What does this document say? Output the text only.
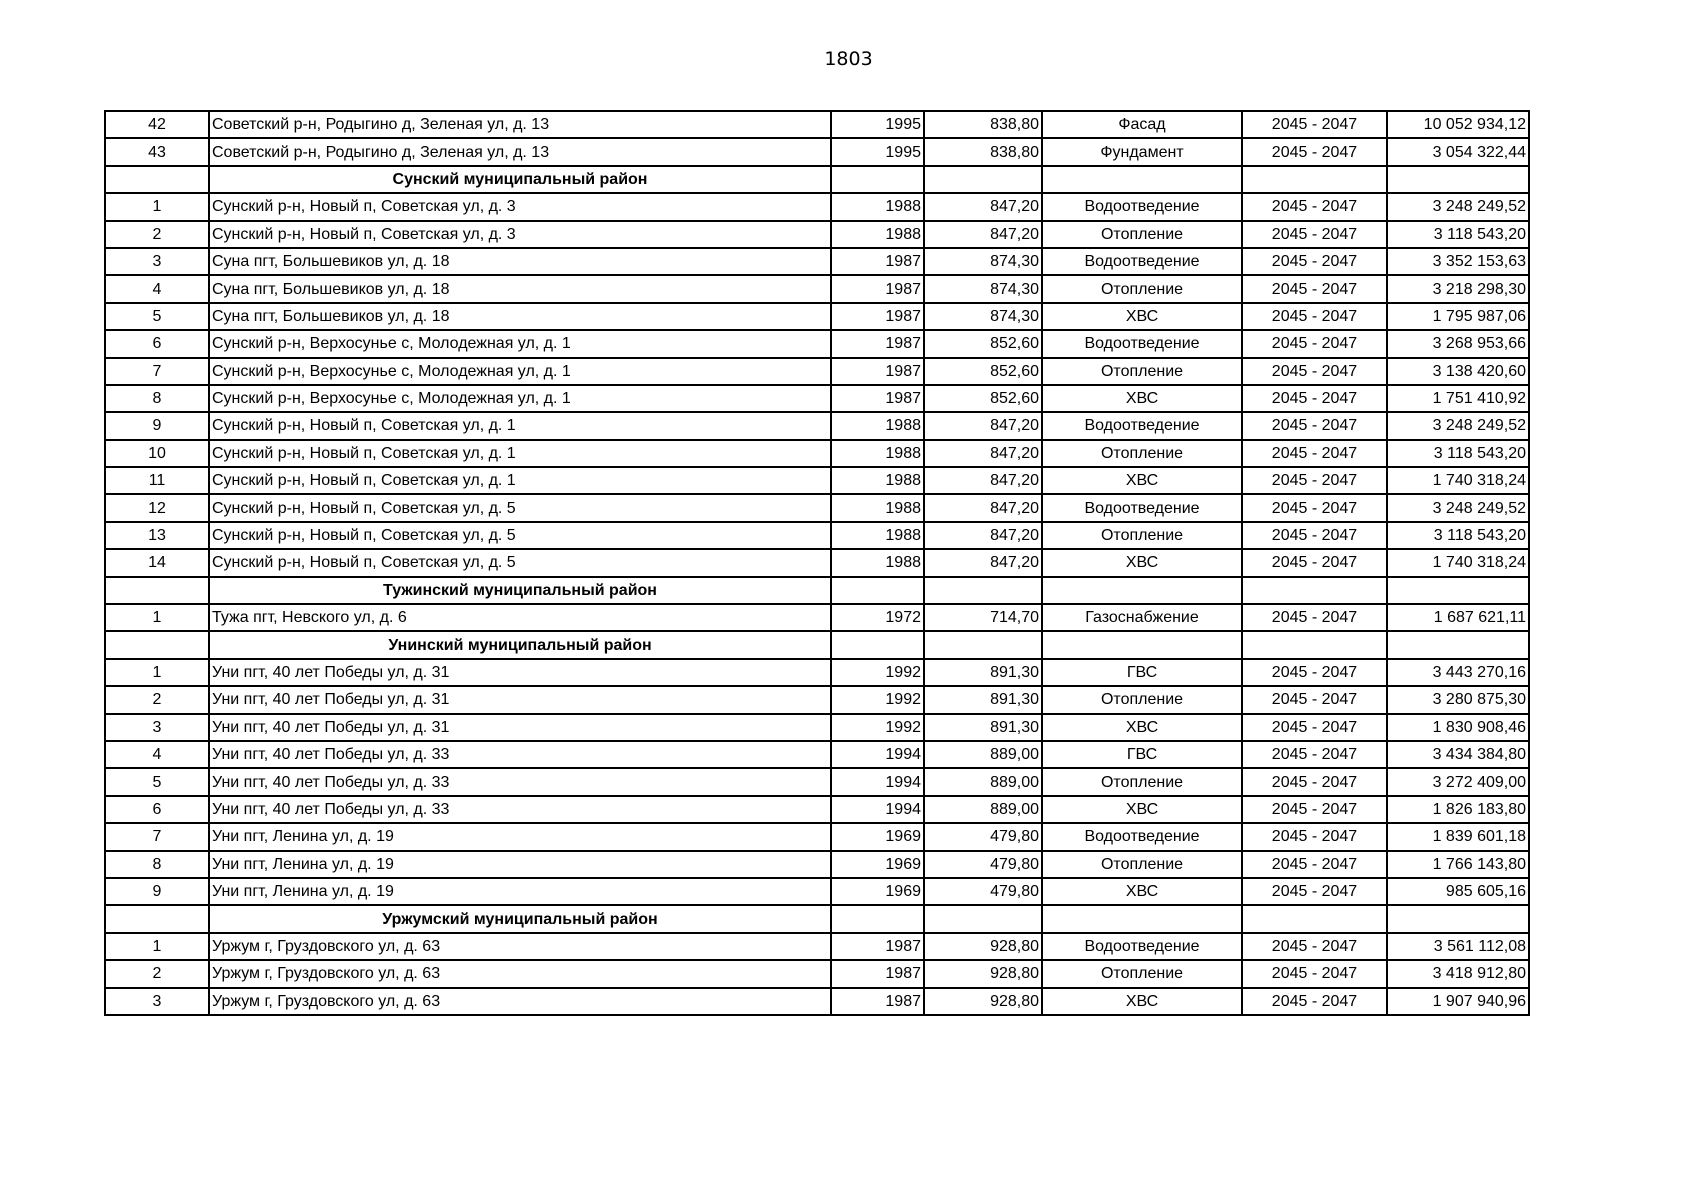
1803
42	Советский р-н, Родыгино д, Зеленая ул, д. 13	1995	838,80	Фасад	2045 - 2047	10 052 934,12
43	Советский р-н, Родыгино д, Зеленая ул, д. 13	1995	838,80	Фундамент	2045 - 2047	3 054 322,44
	Сунский муниципальный район					
1	Сунский р-н, Новый п, Советская ул, д. 3	1988	847,20	Водоотведение	2045 - 2047	3 248 249,52
2	Сунский р-н, Новый п, Советская ул, д. 3	1988	847,20	Отопление	2045 - 2047	3 118 543,20
3	Суна пгт, Большевиков ул, д. 18	1987	874,30	Водоотведение	2045 - 2047	3 352 153,63
4	Суна пгт, Большевиков ул, д. 18	1987	874,30	Отопление	2045 - 2047	3 218 298,30
5	Суна пгт, Большевиков ул, д. 18	1987	874,30	ХВС	2045 - 2047	1 795 987,06
6	Сунский р-н, Верхосунье с, Молодежная ул, д. 1	1987	852,60	Водоотведение	2045 - 2047	3 268 953,66
7	Сунский р-н, Верхосунье с, Молодежная ул, д. 1	1987	852,60	Отопление	2045 - 2047	3 138 420,60
8	Сунский р-н, Верхосунье с, Молодежная ул, д. 1	1987	852,60	ХВС	2045 - 2047	1 751 410,92
9	Сунский р-н, Новый п, Советская ул, д. 1	1988	847,20	Водоотведение	2045 - 2047	3 248 249,52
10	Сунский р-н, Новый п, Советская ул, д. 1	1988	847,20	Отопление	2045 - 2047	3 118 543,20
11	Сунский р-н, Новый п, Советская ул, д. 1	1988	847,20	ХВС	2045 - 2047	1 740 318,24
12	Сунский р-н, Новый п, Советская ул, д. 5	1988	847,20	Водоотведение	2045 - 2047	3 248 249,52
13	Сунский р-н, Новый п, Советская ул, д. 5	1988	847,20	Отопление	2045 - 2047	3 118 543,20
14	Сунский р-н, Новый п, Советская ул, д. 5	1988	847,20	ХВС	2045 - 2047	1 740 318,24
	Тужинский муниципальный район					
1	Тужа пгт, Невского ул, д. 6	1972	714,70	Газоснабжение	2045 - 2047	1 687 621,11
	Унинский муниципальный район					
1	Уни пгт, 40 лет Победы ул, д. 31	1992	891,30	ГВС	2045 - 2047	3 443 270,16
2	Уни пгт, 40 лет Победы ул, д. 31	1992	891,30	Отопление	2045 - 2047	3 280 875,30
3	Уни пгт, 40 лет Победы ул, д. 31	1992	891,30	ХВС	2045 - 2047	1 830 908,46
4	Уни пгт, 40 лет Победы ул, д. 33	1994	889,00	ГВС	2045 - 2047	3 434 384,80
5	Уни пгт, 40 лет Победы ул, д. 33	1994	889,00	Отопление	2045 - 2047	3 272 409,00
6	Уни пгт, 40 лет Победы ул, д. 33	1994	889,00	ХВС	2045 - 2047	1 826 183,80
7	Уни пгт, Ленина ул, д. 19	1969	479,80	Водоотведение	2045 - 2047	1 839 601,18
8	Уни пгт, Ленина ул, д. 19	1969	479,80	Отопление	2045 - 2047	1 766 143,80
9	Уни пгт, Ленина ул, д. 19	1969	479,80	ХВС	2045 - 2047	985 605,16
	Уржумский муниципальный район					
1	Уржум г, Груздовского ул, д. 63	1987	928,80	Водоотведение	2045 - 2047	3 561 112,08
2	Уржум г, Груздовского ул, д. 63	1987	928,80	Отопление	2045 - 2047	3 418 912,80
3	Уржум г, Груздовского ул, д. 63	1987	928,80	ХВС	2045 - 2047	1 907 940,96
